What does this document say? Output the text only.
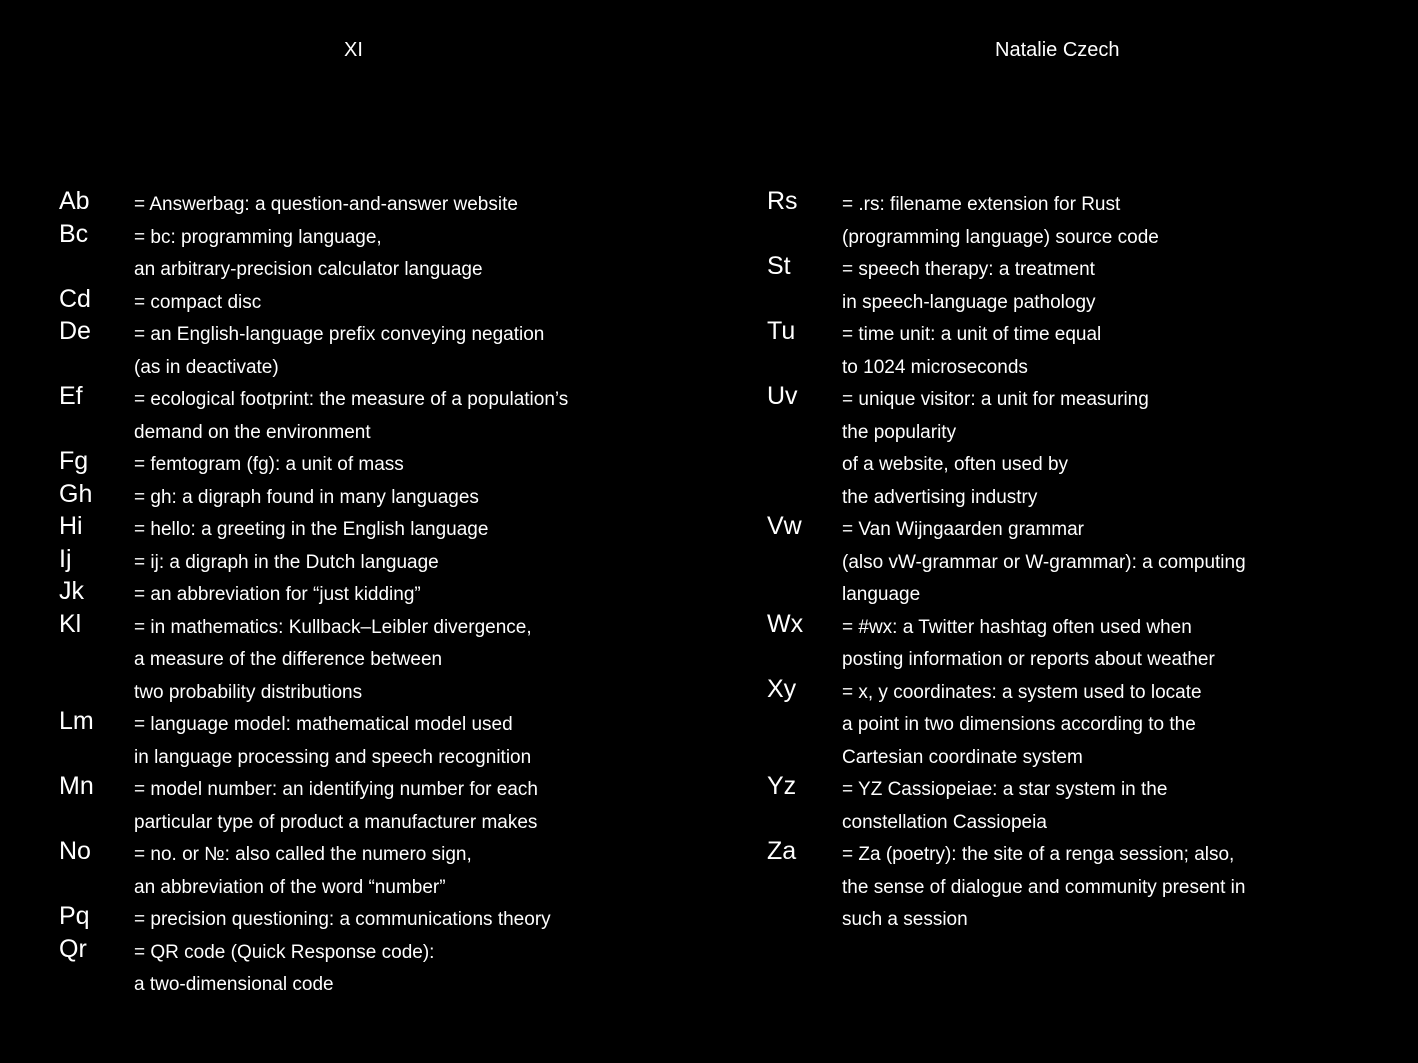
XI	Natalie Czech
Ab = Answerbag: a question-and-answer website
Bc = bc: programming language,
an arbitrary-precision calculator language
Cd = compact disc
De = an English-language prefix conveying negation
(as in deactivate)
Ef	= ecological footprint: the measure of a population’s
demand on the environment
Fg = femtogram (fg): a unit of mass
Gh = gh: a digraph found in many languages
Hi	= hello: a greeting in the English language
Ij	= ij: a digraph in the Dutch language
Jk	= an abbreviation for “just kidding”
Kl	= in mathematics: Kullback–Leibler divergence,
a measure of the difference between
two probability distributions
Lm = language model: mathematical model used
in language processing and speech recognition
Mn = model number: an identifying number for each
particular type of product a manufacturer makes
No = no. or №: also called the numero sign,
an abbreviation of the word “number”
Pq = precision questioning: a communications theory
Qr = QR code (Quick Response code):
a two-dimensional code
Rs = .rs: filename extension for Rust
(programming language) source code
St	= speech therapy: a treatment
in speech-language pathology
Tu = time unit: a unit of time equal
to 1024 microseconds
Uv = unique visitor: a unit for measuring
the popularity
of a website, often used by
the advertising industry
Vw = Van Wijngaarden grammar
(also vW-grammar or W-grammar): a computing
language
Wx = #wx: a Twitter hashtag often used when
posting information or reports about weather
Xy = x, y coordinates: a system used to locate
a point in two dimensions according to the
Cartesian coordinate system
Yz = YZ Cassiopeiae: a star system in the
constellation Cassiopeia
Za = Za (poetry): the site of a renga session; also,
the sense of dialogue and community present in
such a session
